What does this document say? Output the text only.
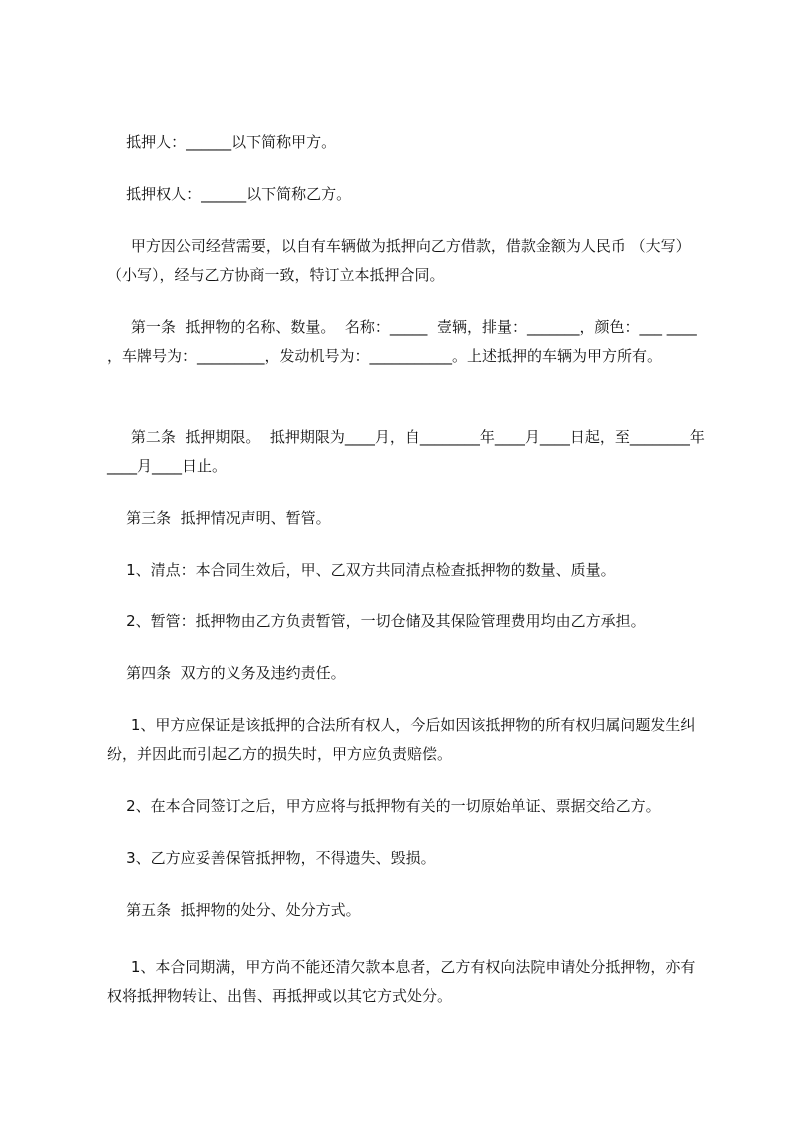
抵押人：______以下简称甲方。

抵押权人：______以下简称乙方。

甲方因公司经营需要，以自有车辆做为抵押向乙方借款，借款金额为人民币 （大写）（小写），经与乙方协商一致，特订立本抵押合同。

第一条  抵押物的名称、数量。  名称：_____  壹辆，排量：_______，颜色：___ ____  ，车牌号为：_________，发动机号为：___________。上述抵押的车辆为甲方所有。

第二条  抵押期限。  抵押期限为____月，自________年____月____日起，至________年____月____日止。

第三条  抵押情况声明、暂管。

1、清点：本合同生效后，甲、乙双方共同清点检查抵押物的数量、质量。

2、暂管：抵押物由乙方负责暂管，一切仓储及其保险管理费用均由乙方承担。

第四条  双方的义务及违约责任。

1、甲方应保证是该抵押的合法所有权人，今后如因该抵押物的所有权归属问题发生纠纷，并因此而引起乙方的损失时，甲方应负责赔偿。

2、在本合同签订之后，甲方应将与抵押物有关的一切原始单证、票据交给乙方。

3、乙方应妥善保管抵押物，不得遗失、毁损。

第五条  抵押物的处分、处分方式。

1、本合同期满，甲方尚不能还清欠款本息者，乙方有权向法院申请处分抵押物，亦有权将抵押物转让、出售、再抵押或以其它方式处分。
